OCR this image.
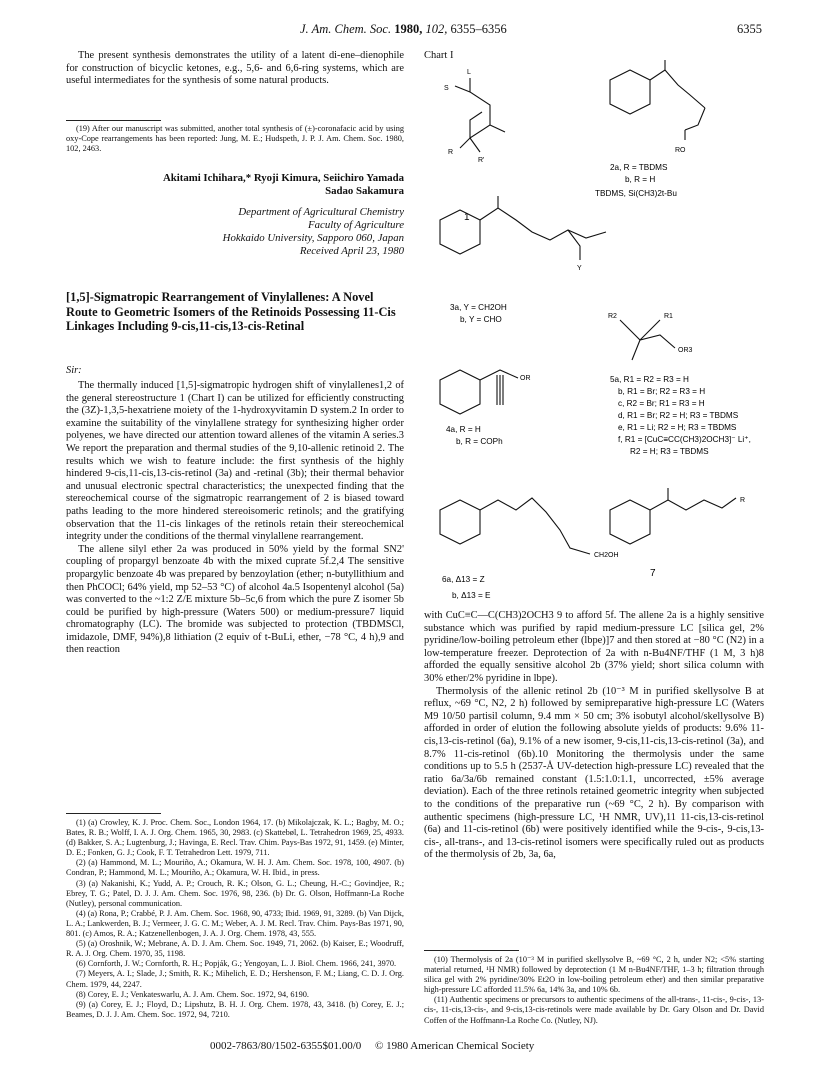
J. Am. Chem. Soc. 1980, 102, 6355–6356	6355

The present synthesis demonstrates the utility of a latent di-ene–dienophile for construction of bicyclic ketones, e.g., 5,6- and 6,6-ring systems, which are useful intermediates for the synthesis of some natural products.

(19) After our manuscript was submitted, another total synthesis of (±)-coronafacic acid by using oxy-Cope rearrangements has been reported: Jung, M. E.; Hudspeth, J. P. J. Am. Chem. Soc. 1980, 102, 2463.

Akitami Ichihara,* Ryoji Kimura, Seiichiro Yamada
Sadao Sakamura
Department of Agricultural Chemistry
Faculty of Agriculture
Hokkaido University, Sapporo 060, Japan
Received April 23, 1980
[1,5]-Sigmatropic Rearrangement of Vinylallenes: A Novel Route to Geometric Isomers of the Retinoids Possessing 11-Cis Linkages Including 9-cis,11-cis,13-cis-Retinal
Sir:

The thermally induced [1,5]-sigmatropic hydrogen shift of vinylallenes1,2 of the general stereostructure 1 (Chart I) can be utilized for efficiently constructing the (3Z)-1,3,5-hexatriene moiety of the 1-hydroxyvitamin D system.2 In order to examine the suitability of the vinylallene strategy for synthesizing higher order polyenes, we have directed our attention toward allenes of the vitamin A series.3 We report the preparation and thermal studies of the 9,10-allenic retinoid 2. The results which we wish to feature include: the first synthesis of the highly hindered 9-cis,11-cis,13-cis-retinol (3a) and -retinal (3b); their thermal behavior and unusual electronic spectral characteristics; the unexpected finding that the stereochemical course of the sigmatropic rearrangement of 2 is biased toward paths leading to the more hindered stereoisomeric retinols; and the gratifying observation that the 11-cis linkages of the retinols retain their stereochemical integrity under the conditions of the thermal vinylallene rearrangement.

The allene silyl ether 2a was produced in 50% yield by the formal SN2' coupling of propargyl benzoate 4b with the mixed cuprate 5f.2,4 The sensitive propargylic benzoate 4b was prepared by benzoylation (ether; n-butyllithium and then PhCOCl; 64% yield, mp 52–53 °C) of alcohol 4a.5 Isopentenyl alcohol (5a) was converted to the ~1:2 Z/E mixture 5b–5c,6 from which the pure Z isomer 5b could be purified by high-pressure (Waters 500) or medium-pressure7 liquid chromatography (LC). The bromide was subjected to protection (TBDMSCl, imidazole, DMF, 94%),8 lithiation (2 equiv of t-BuLi, ether, −78 °C, 4 h),9 and then reaction

(1) (a) Crowley, K. J. Proc. Chem. Soc., London 1964, 17. (b) Mikolajczak, K. L.; Bagby, M. O.; Bates, R. B.; Wolff, I. A. J. Org. Chem. 1965, 30, 2983. (c) Skattebøl, L. Tetrahedron 1969, 25, 4933. (d) Bakker, S. A.; Lugtenburg, J.; Havinga, E. Recl. Trav. Chim. Pays-Bas 1972, 91, 1459. (e) Minter, D. E.; Fonken, G. J.; Cook, F. T. Tetrahedron Lett. 1979, 711.

(2) (a) Hammond, M. L.; Mouriño, A.; Okamura, W. H. J. Am. Chem. Soc. 1978, 100, 4907. (b) Condran, P.; Hammond, M. L.; Mouriño, A.; Okamura, W. H. Ibid., in press.

(3) (a) Nakanishi, K.; Yudd, A. P.; Crouch, R. K.; Olson, G. L.; Cheung, H.-C.; Govindjee, R.; Ebrey, T. G.; Patel, D. J. J. Am. Chem. Soc. 1976, 98, 236. (b) Dr. G. Olson, Hoffmann-La Roche (Nutley), personal communication.

(4) (a) Rona, P.; Crabbé, P. J. Am. Chem. Soc. 1968, 90, 4733; Ibid. 1969, 91, 3289. (b) Van Dijck, L. A.; Lankwerden, B. J.; Vermeer, J. G. C. M.; Weber, A. J. M. Recl. Trav. Chim. Pays-Bas 1971, 90, 801. (c) Amos, R. A.; Katzenellenbogen, J. A. J. Org. Chem. 1978, 43, 555.

(5) (a) Oroshnik, W.; Mebrane, A. D. J. Am. Chem. Soc. 1949, 71, 2062. (b) Kaiser, E.; Woodruff, R. A. J. Org. Chem. 1970, 35, 1198.

(6) Cornforth, J. W.; Cornforth, R. H.; Popják, G.; Yengoyan, L. J. Biol. Chem. 1966, 241, 3970.

(7) Meyers, A. I.; Slade, J.; Smith, R. K.; Mihelich, E. D.; Hershenson, F. M.; Liang, C. D. J. Org. Chem. 1979, 44, 2247.

(8) Corey, E. J.; Venkateswarlu, A. J. Am. Chem. Soc. 1972, 94, 6190.

(9) (a) Corey, E. J.; Floyd, D.; Lipshutz, B. H. J. Org. Chem. 1978, 43, 3418. (b) Corey, E. J.; Beames, D. J. J. Am. Chem. Soc. 1972, 94, 7210.

Chart I
L
S
R
R'
1
RO
2a, R = TBDMS
b, R = H
TBDMS, Si(CH3)2t-Bu
Y
3a, Y = CH2OH
b, Y = CHO
OR
4a, R = H
b, R = COPh
R2	R1
OR3
5a, R1 = R2 = R3 = H
b, R1 = Br; R2 = R3 = H
c, R2 = Br; R1 = R3 = H
d, R1 = Br; R2 = H; R3 = TBDMS
e, R1 = Li; R2 = H; R3 = TBDMS
f, R1 = [CuC≡CC(CH3)2OCH3]⁻ Li⁺,
R2 = H; R3 = TBDMS
CH2OH
6a, Δ13 = Z
b, Δ13 = E
R
7

with CuC≡C—C(CH3)2OCH3 9 to afford 5f. The allene 2a is a highly sensitive substance which was purified by rapid medium-pressure LC [silica gel, 2% pyridine/low-boiling petroleum ether (lbpe)]7 and then stored at −80 °C (N2) in a low-temperature freezer. Deprotection of 2a with n-Bu4NF/THF (1 M, 3 h)8 afforded the equally sensitive alcohol 2b (37% yield; short silica column with 30% ether/2% pyridine in lbpe).

Thermolysis of the allenic retinol 2b (10⁻³ M in purified skellysolve B at reflux, ~69 °C, N2, 2 h) followed by semipreparative high-pressure LC (Waters M9 10/50 partisil column, 9.4 mm × 50 cm; 3% isobutyl alcohol/skellysolve B) afforded in order of elution the following absolute yields of products: 9.6% 11-cis,13-cis-retinol (6a), 9.1% of a new isomer, 9-cis,11-cis,13-cis-retinol (3a), and 8.7% 11-cis-retinol (6b).10 Monitoring the thermolysis under the same conditions up to 5.5 h (2537-Å UV-detection high-pressure LC) revealed that the ratio 6a/3a/6b remained constant (1.5:1.0:1.1, uncorrected, ±5% average deviation). Each of the three retinols retained geometric integrity when subjected to the conditions of the preparative run (~69 °C, 2 h). By comparison with authentic specimens (high-pressure LC, ¹H NMR, UV),11 11-cis,13-cis-retinol (6a) and 11-cis-retinol (6b) were positively identified while the 9-cis-, 9-cis,13-cis-, all-trans-, and 13-cis-retinol isomers were specifically ruled out as products of the thermolysis of 2b, 3a, 6a,

(10) Thermolysis of 2a (10⁻³ M in purified skellysolve B, ~69 °C, 2 h, under N2; <5% starting material returned, ¹H NMR) followed by deprotection (1 M n-Bu4NF/THF, 1–3 h; filtration through silica gel with 2% pyridine/30% Et2O in low-boiling petroleum ether) and then similar preparative high-pressure LC afforded 11.5% 6a, 14% 3a, and 10% 6b.

(11) Authentic specimens or precursors to authentic specimens of the all-trans-, 11-cis-, 9-cis-, 13-cis-, 11-cis,13-cis-, and 9-cis,13-cis-retinols were made available by Dr. Gary Olson and Dr. David Coffen of the Hoffmann-La Roche Co. (Nutley, NJ).

0002-7863/80/1502-6355$01.00/0 © 1980 American Chemical Society
